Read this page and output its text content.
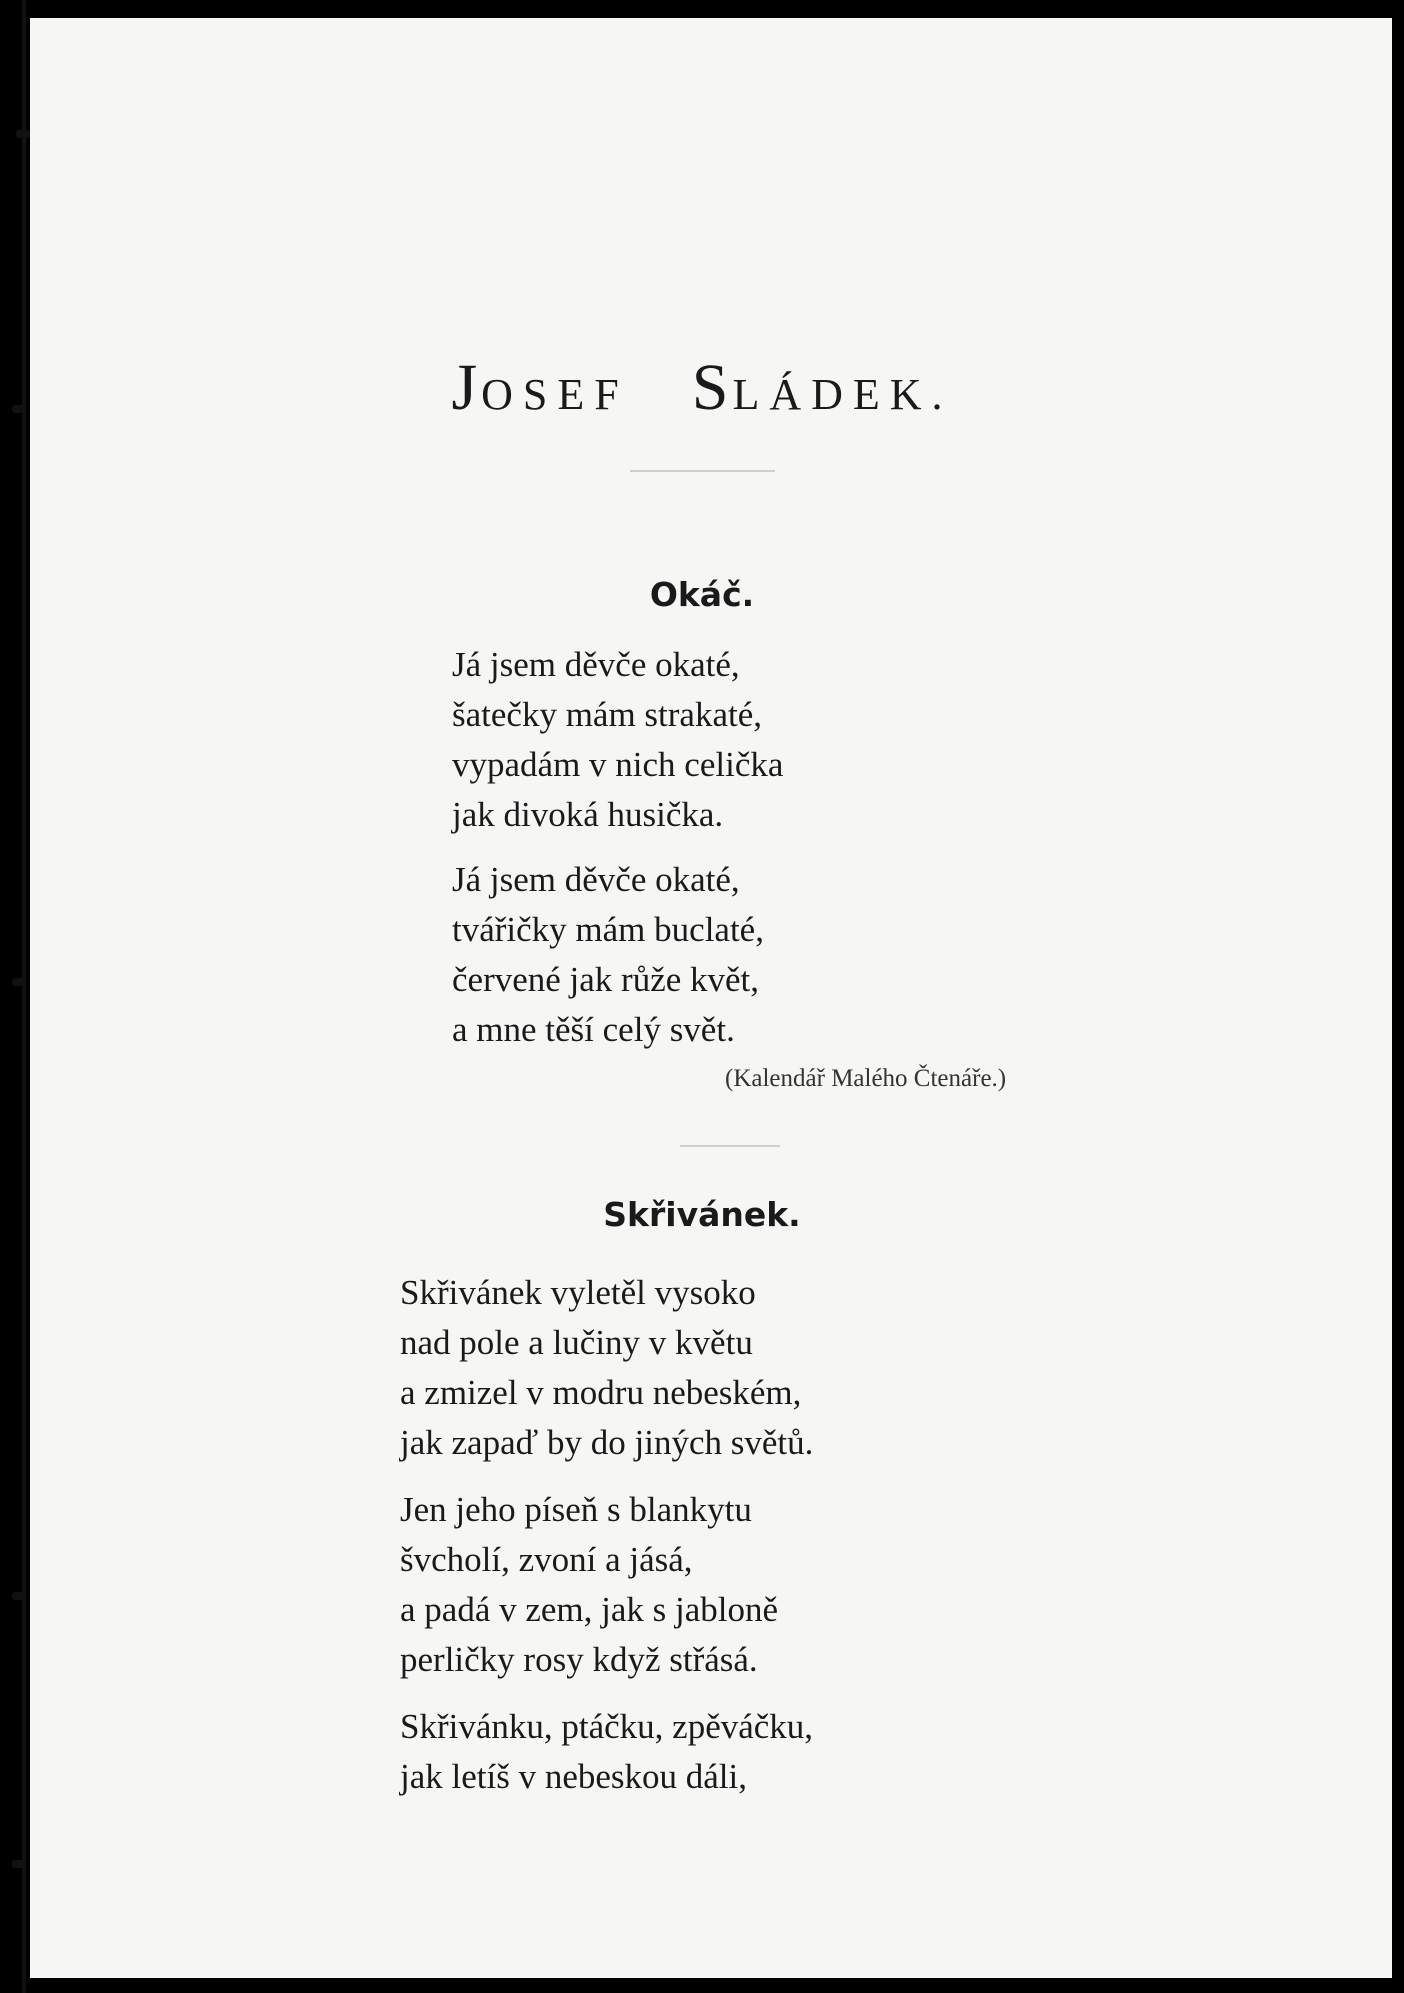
JOSEF SLÁDEK.
Okáč.
Já jsem děvče okaté,
šatečky mám strakaté,
vypadám v nich celička
jak divoká husička.
Já jsem děvče okaté,
tvářičky mám buclaté,
červené jak růže květ,
a mne těší celý svět.
(Kalendář Malého Čtenáře.)
Skřivánek.
Skřivánek vyletěl vysoko
nad pole a lučiny v květu
a zmizel v modru nebeském,
jak zapaď by do jiných světů.
Jen jeho píseň s blankytu
švcholí, zvoní a jásá,
a padá v zem, jak s jabloně
perličky rosy když střásá.
Skřivánku, ptáčku, zpěváčku,
jak letíš v nebeskou dáli,
